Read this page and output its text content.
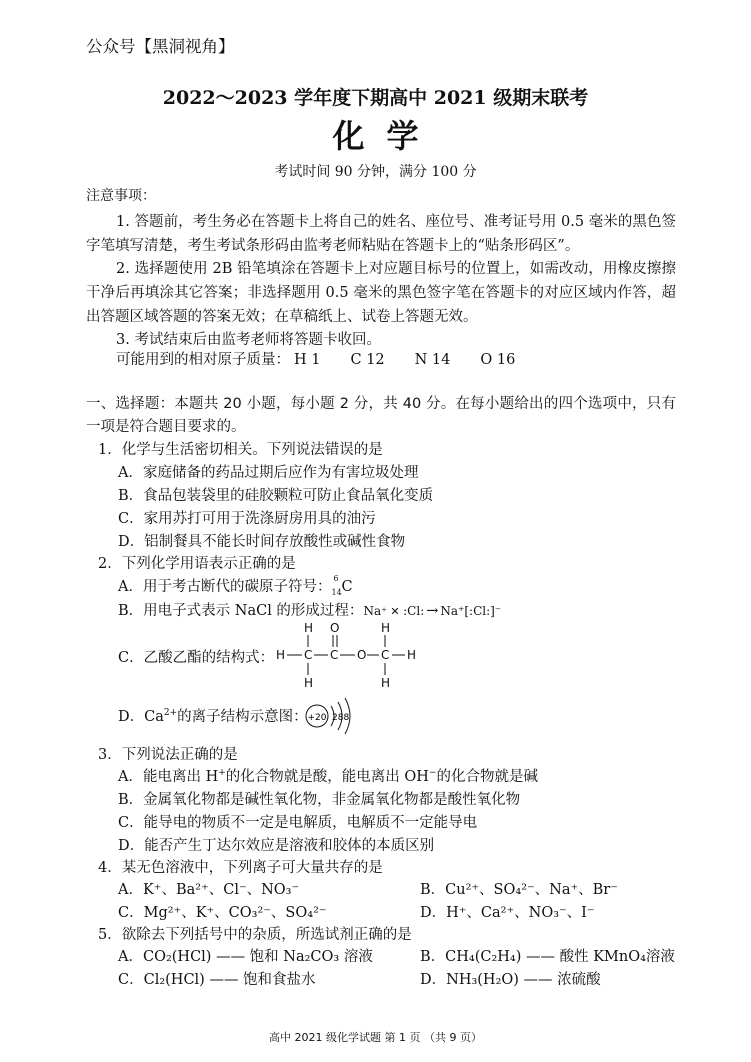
公众号【黑洞视角】
2022～2023 学年度下期高中 2021 级期末联考
化学
考试时间 90 分钟，满分 100 分
注意事项：
1. 答题前，考生务必在答题卡上将自己的姓名、座位号、准考证号用 0.5 毫米的黑色签字笔填写清楚，考生考试条形码由监考老师粘贴在答题卡上的“贴条形码区”。
2. 选择题使用 2B 铅笔填涂在答题卡上对应题目标号的位置上，如需改动，用橡皮擦擦干净后再填涂其它答案；非选择题用 0.5 毫米的黑色签字笔在答题卡的对应区域内作答，超出答题区域答题的答案无效；在草稿纸上、试卷上答题无效。
3. 考试结束后由监考老师将答题卡收回。
可能用到的相对原子质量： H 1 C 12 N 14 O 16
一、选择题：本题共 20 小题，每小题 2 分，共 40 分。在每小题给出的四个选项中，只有一项是符合题目要求的。
1．化学与生活密切相关。下列说法错误的是
A．家庭储备的药品过期后应作为有害垃圾处理
B．食品包装袋里的硅胶颗粒可防止食品氧化变质
C．家用苏打可用于洗涤厨房用具的油污
D．铝制餐具不能长时间存放酸性或碱性食物
2．下列化学用语表示正确的是
A．用于考古断代的碳原子符号：
6
14 C
B．用电子式表示 NaCl 的形成过程：Na⁺ ✕ :Cl: → Na⁺[:Cl:]⁻
C．乙酸乙酯的结构式：
H O	H
H C C O C H
H	H
D．$Ca^{2+}$的离子结构示意图： +20 288
3．下列说法正确的是
A．能电离出 H+的化合物就是酸，能电离出 OH−的化合物就是碱
B．金属氧化物都是碱性氧化物，非金属氧化物都是酸性氧化物
C．能导电的物质不一定是电解质，电解质不一定能导电
D．能否产生丁达尔效应是溶液和胶体的本质区别
4．某无色溶液中，下列离子可大量共存的是
A．K⁺、Ba²⁺、Cl⁻、NO₃⁻	B．Cu²⁺、SO₄²⁻、Na⁺、Br⁻
C．Mg²⁺、K⁺、CO₃²⁻、SO₄²⁻	D．H⁺、Ca²⁺、NO₃⁻、I⁻
5．欲除去下列括号中的杂质，所选试剂正确的是
A．CO₂(HCl) —— 饱和 Na₂CO₃ 溶液	B．CH₄(C₂H₄) —— 酸性 KMnO₄溶液
C．Cl₂(HCl) —— 饱和食盐水	D．NH₃(H₂O) —— 浓硫酸
高中 2021 级化学试题 第 1 页 （共 9 页）
